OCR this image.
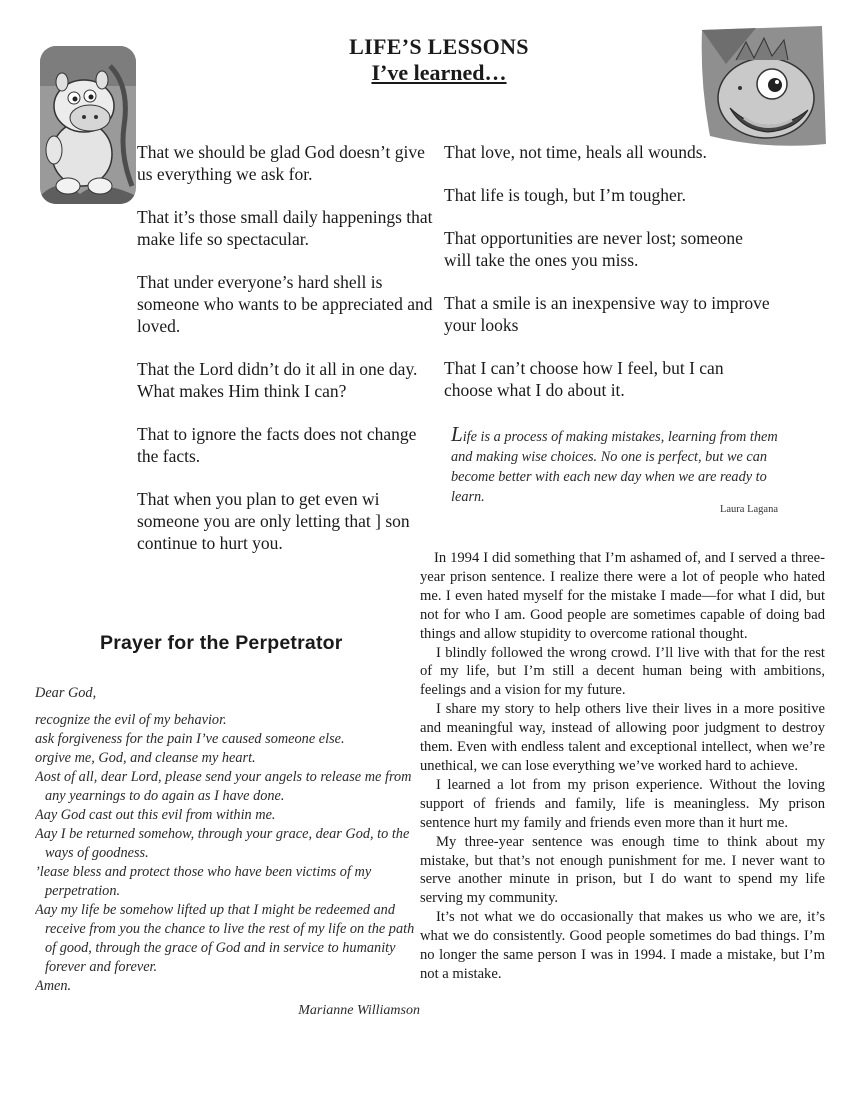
LIFE’S LESSONS
I’ve learned…

That we should be glad God doesn’t give us everything we ask for.

That it’s those small daily happenings that make life so spectacular.

That under everyone’s hard shell is someone who wants to be appreciated and loved.

That the Lord didn’t do it all in one day. What makes Him think I can?

That to ignore the facts does not change the facts.

That when you plan to get even wi someone you are only letting that ] son continue to hurt you.

That love, not time, heals all wounds.

That life is tough, but I’m tougher.

That opportunities are never lost; someone will take the ones you miss.

That a smile is an inexpensive way to improve your looks

That I can’t choose how I feel, but I can choose what I do about it.

Life is a process of making mistakes, learning from them and making wise choices. No one is perfect, but we can become better with each new day when we are ready to learn.
Laura Lagana
Prayer for the Perpetrator
Dear God,
recognize the evil of my behavior.
ask forgiveness for the pain I’ve caused someone else.
orgive me, God, and cleanse my heart.
Aost of all, dear Lord, please send your angels to release me from
any yearnings to do again as I have done.
Aay God cast out this evil from within me.
Aay I be returned somehow, through your grace, dear God, to the
ways of goodness.
’lease bless and protect those who have been victims of my
perpetration.
Aay my life be somehow lifted up that I might be redeemed and
receive from you the chance to live the rest of my life on the path
of good, through the grace of God and in service to humanity
forever and forever.
Amen.
Marianne Williamson

In 1994 I did something that I’m ashamed of, and I served a three-year prison sentence. I realize there were a lot of people who hated me. I even hated myself for the mistake I made—for what I did, but not for who I am. Good people are sometimes capable of doing bad things and allow stupidity to overcome rational thought.

I blindly followed the wrong crowd. I’ll live with that for the rest of my life, but I’m still a decent human being with ambitions, feelings and a vision for my future.

I share my story to help others live their lives in a more positive and meaningful way, instead of allowing poor judgment to destroy them. Even with endless talent and exceptional intellect, when we’re unethical, we can lose everything we’ve worked hard to achieve.

I learned a lot from my prison experience. Without the loving support of friends and family, life is meaningless. My prison sentence hurt my family and friends even more than it hurt me.

My three-year sentence was enough time to think about my mistake, but that’s not enough punishment for me. I never want to serve another minute in prison, but I do want to spend my life serving my community.

It’s not what we do occasionally that makes us who we are, it’s what we do consistently. Good people sometimes do bad things. I’m no longer the same person I was in 1994. I made a mistake, but I’m not a mistake.
